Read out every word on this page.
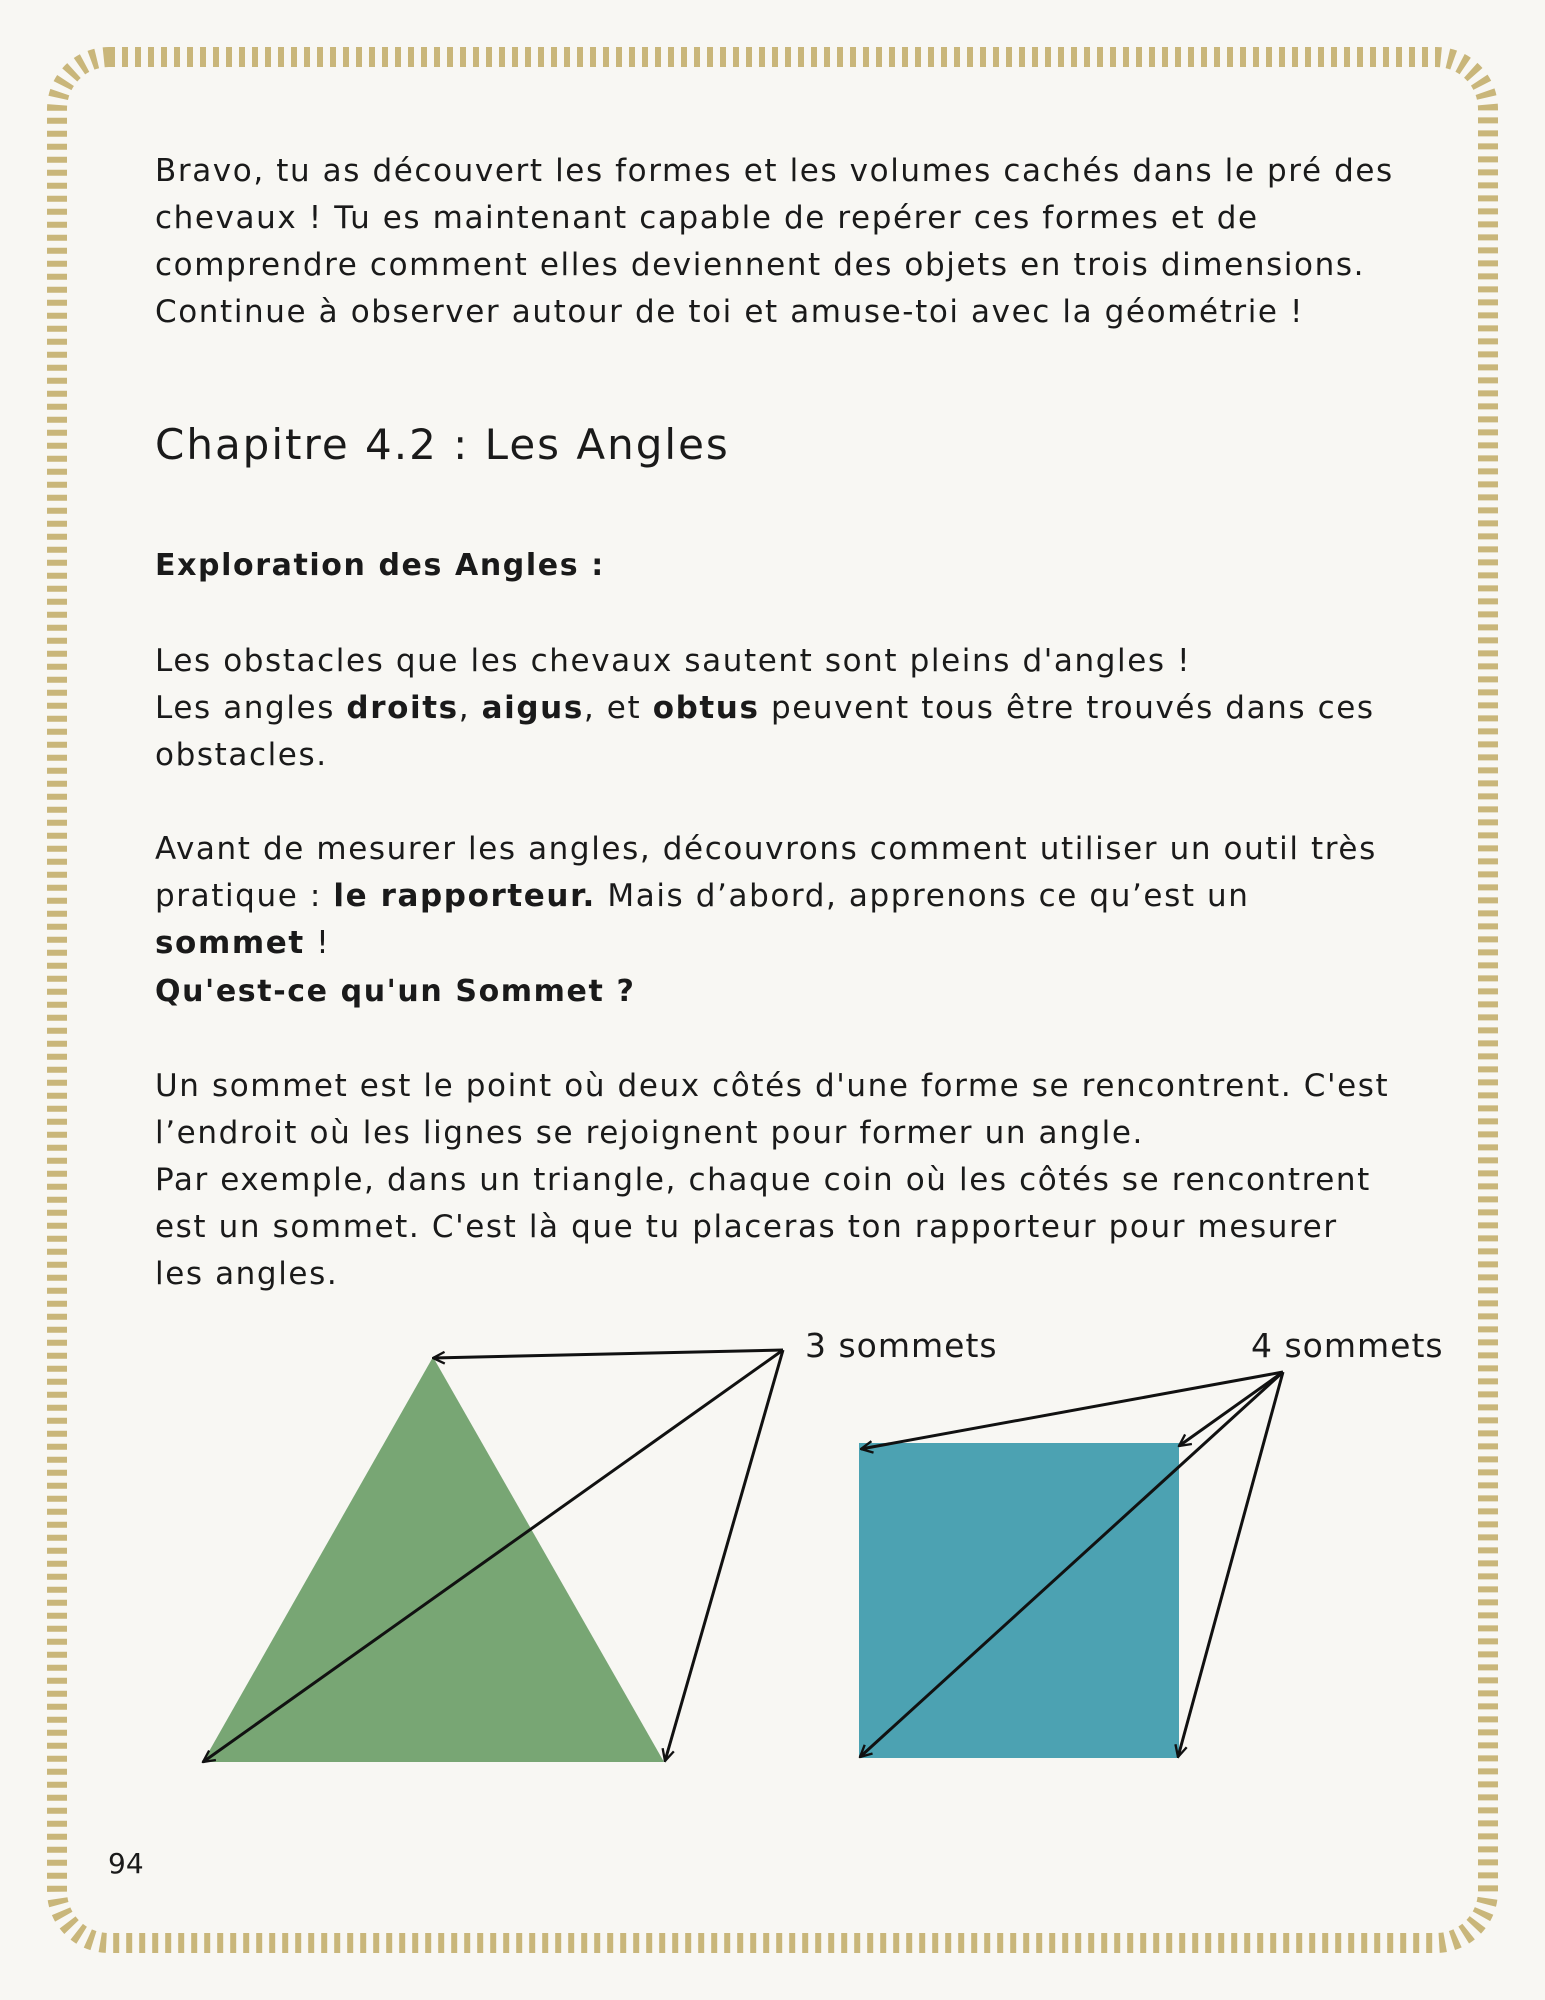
Bravo, tu as découvert les formes et les volumes cachés dans le pré des chevaux ! Tu es maintenant capable de repérer ces formes et de comprendre comment elles deviennent des objets en trois dimensions. Continue à observer autour de toi et amuse-toi avec la géométrie !

Chapitre 4.2 : Les Angles
Exploration des Angles :
Les obstacles que les chevaux sautent sont pleins d'angles !
Les angles droits, aigus, et obtus peuvent tous être trouvés dans ces obstacles.
Avant de mesurer les angles, découvrons comment utiliser un outil très pratique : le rapporteur. Mais d’abord, apprenons ce qu’est un sommet !
Qu'est-ce qu'un Sommet ?
Un sommet est le point où deux côtés d'une forme se rencontrent. C'est l’endroit où les lignes se rejoignent pour former un angle.
Par exemple, dans un triangle, chaque coin où les côtés se rencontrent est un sommet. C'est là que tu placeras ton rapporteur pour mesurer les angles.

3 sommets	4 sommets

94
